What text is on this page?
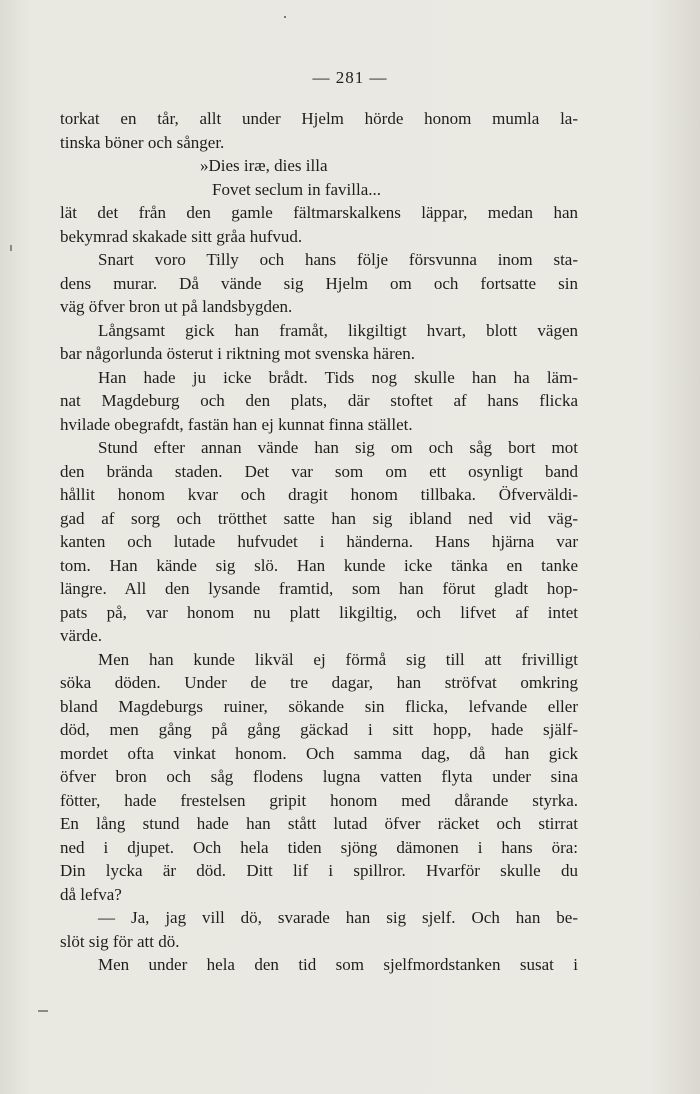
— 281 —
torkat en tår, allt under Hjelm hörde honom mumla la-
tinska böner och sånger.
»Dies iræ, dies illa
Fovet seclum in favilla...
lät det från den gamle fältmarskalkens läppar, medan han
bekymrad skakade sitt gråa hufvud.
Snart voro Tilly och hans följe försvunna inom sta-
dens murar. Då vände sig Hjelm om och fortsatte sin
väg öfver bron ut på landsbygden.
Långsamt gick han framåt, likgiltigt hvart, blott vägen
bar någorlunda österut i riktning mot svenska hären.
Han hade ju icke brådt. Tids nog skulle han ha läm-
nat Magdeburg och den plats, där stoftet af hans flicka
hvilade obegrafdt, fastän han ej kunnat finna stället.
Stund efter annan vände han sig om och såg bort mot
den brända staden. Det var som om ett osynligt band
hållit honom kvar och dragit honom tillbaka. Öfverväldi-
gad af sorg och trötthet satte han sig ibland ned vid väg-
kanten och lutade hufvudet i händerna. Hans hjärna var
tom. Han kände sig slö. Han kunde icke tänka en tanke
längre. All den lysande framtid, som han förut gladt hop-
pats på, var honom nu platt likgiltig, och lifvet af intet
värde.
Men han kunde likväl ej förmå sig till att frivilligt
söka döden. Under de tre dagar, han ströfvat omkring
bland Magdeburgs ruiner, sökande sin flicka, lefvande eller
död, men gång på gång gäckad i sitt hopp, hade själf-
mordet ofta vinkat honom. Och samma dag, då han gick
öfver bron och såg flodens lugna vatten flyta under sina
fötter, hade frestelsen gripit honom med dårande styrka.
En lång stund hade han stått lutad öfver räcket och stirrat
ned i djupet. Och hela tiden sjöng dämonen i hans öra:
Din lycka är död. Ditt lif i spillror. Hvarför skulle du
då lefva?
— Ja, jag vill dö, svarade han sig sjelf. Och han be-
slöt sig för att dö.
Men under hela den tid som sjelfmordstanken susat i
